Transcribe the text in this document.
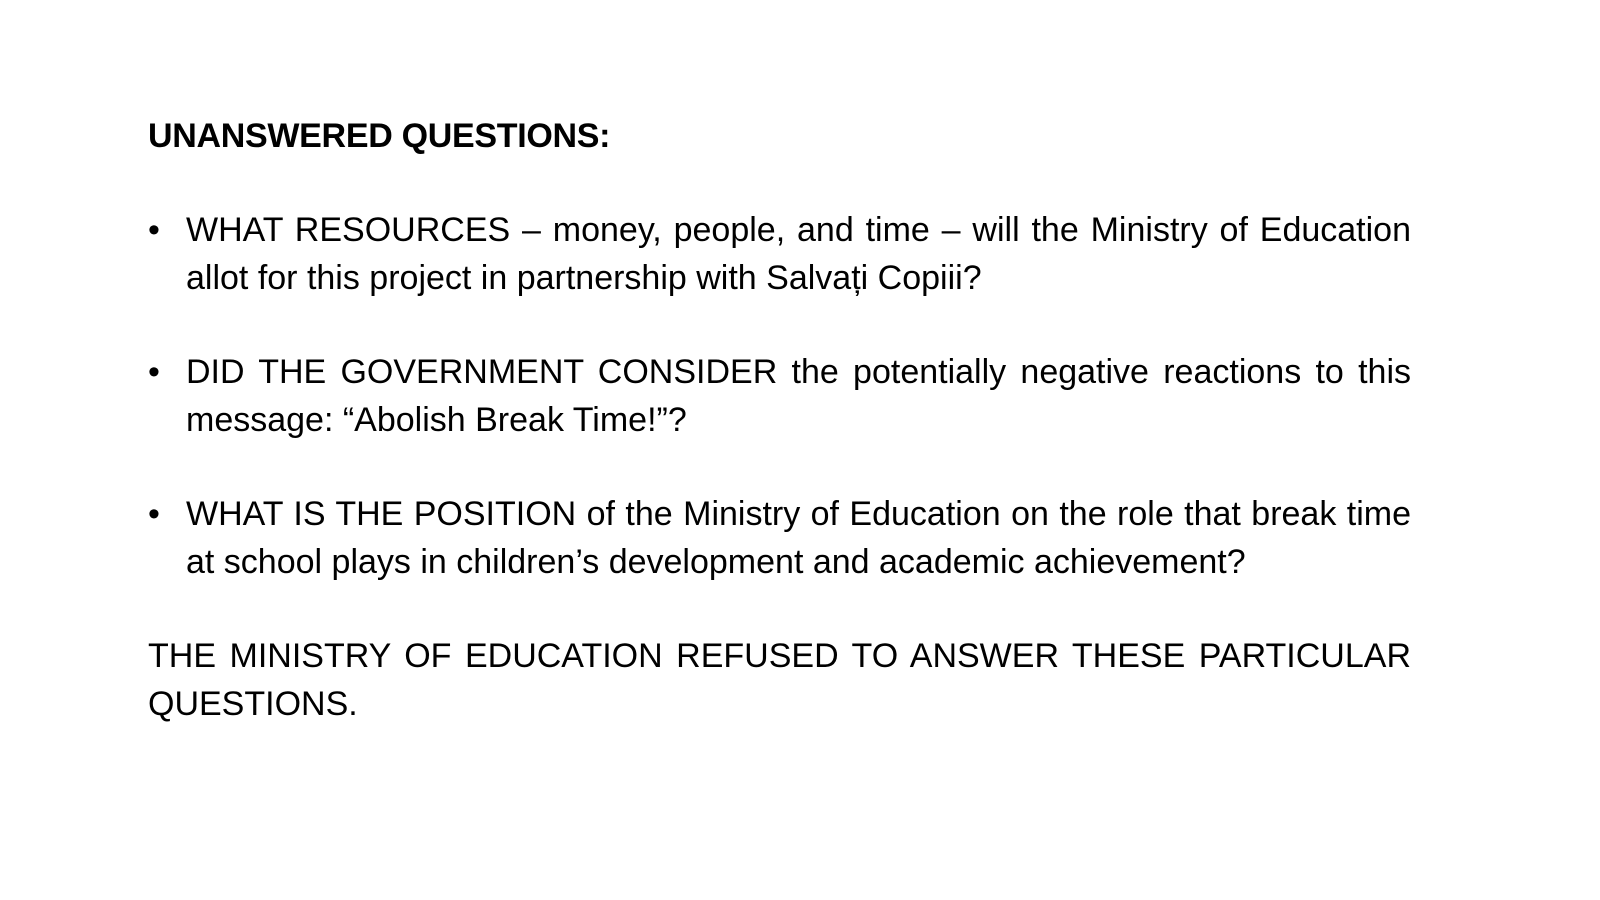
UNANSWERED QUESTIONS:
• WHAT RESOURCES – money, people, and time – will the Ministry of Education allot for this project in partnership with Salvați Copiii?
• DID THE GOVERNMENT CONSIDER the potentially negative reactions to this message: “Abolish Break Time!”?
• WHAT IS THE POSITION of the Ministry of Education on the role that break time at school plays in children’s development and academic achievement?

THE MINISTRY OF EDUCATION REFUSED TO ANSWER THESE PARTICULAR QUESTIONS.
